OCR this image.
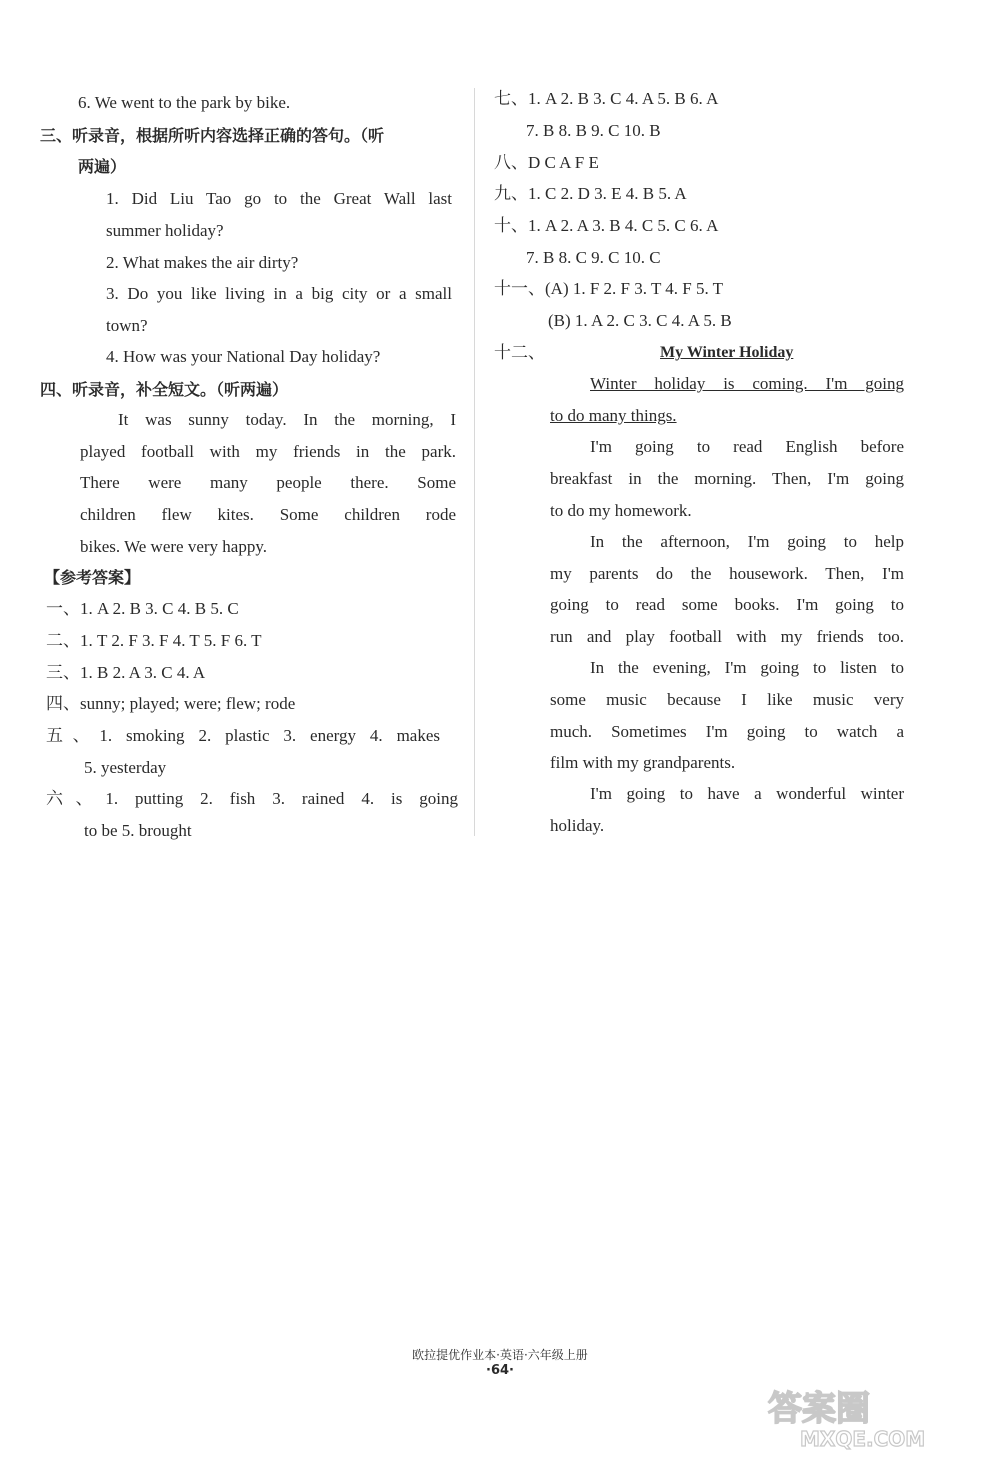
6. We went to the park by bike.
三、听录音，根据所听内容选择正确的答句。（听
两遍）
1. Did Liu Tao go to the Great Wall last
summer holiday?
2. What makes the air dirty?
3. Do you like living in a big city or a small
town?
4. How was your National Day holiday?
四、听录音，补全短文。（听两遍）
It was sunny today. In the morning, I
played football with my friends in the park.
There were many people there. Some
children flew kites. Some children rode
bikes. We were very happy.
【参考答案】
一、1. A 2. B 3. C 4. B 5. C
二、1. T 2. F 3. F 4. T 5. F 6. T
三、1. B 2. A 3. C 4. A
四、sunny; played; were; flew; rode
五、1. smoking 2. plastic 3. energy 4. makes
5. yesterday
六、1. putting 2. fish 3. rained 4. is going
to be 5. brought
七、1. A 2. B 3. C 4. A 5. B 6. A
7. B 8. B 9. C 10. B
八、D C A F E
九、1. C 2. D 3. E 4. B 5. A
十、1. A 2. A 3. B 4. C 5. C 6. A
7. B 8. C 9. C 10. C
十一、(A) 1. F 2. F 3. T 4. F 5. T
(B) 1. A 2. C 3. C 4. A 5. B
十二、	My Winter Holiday
Winter holiday is coming. I'm going
to do many things.
I'm going to read English before
breakfast in the morning. Then, I'm going
to do my homework.
In the afternoon, I'm going to help
my parents do the housework. Then, I'm
going to read some books. I'm going to
run and play football with my friends too.
In the evening, I'm going to listen to
some music because I like music very
much. Sometimes I'm going to watch a
film with my grandparents.
I'm going to have a wonderful winter
holiday.
欧拉提优作业本·英语·六年级上册
·64·
答案圈
MXQE.COM
